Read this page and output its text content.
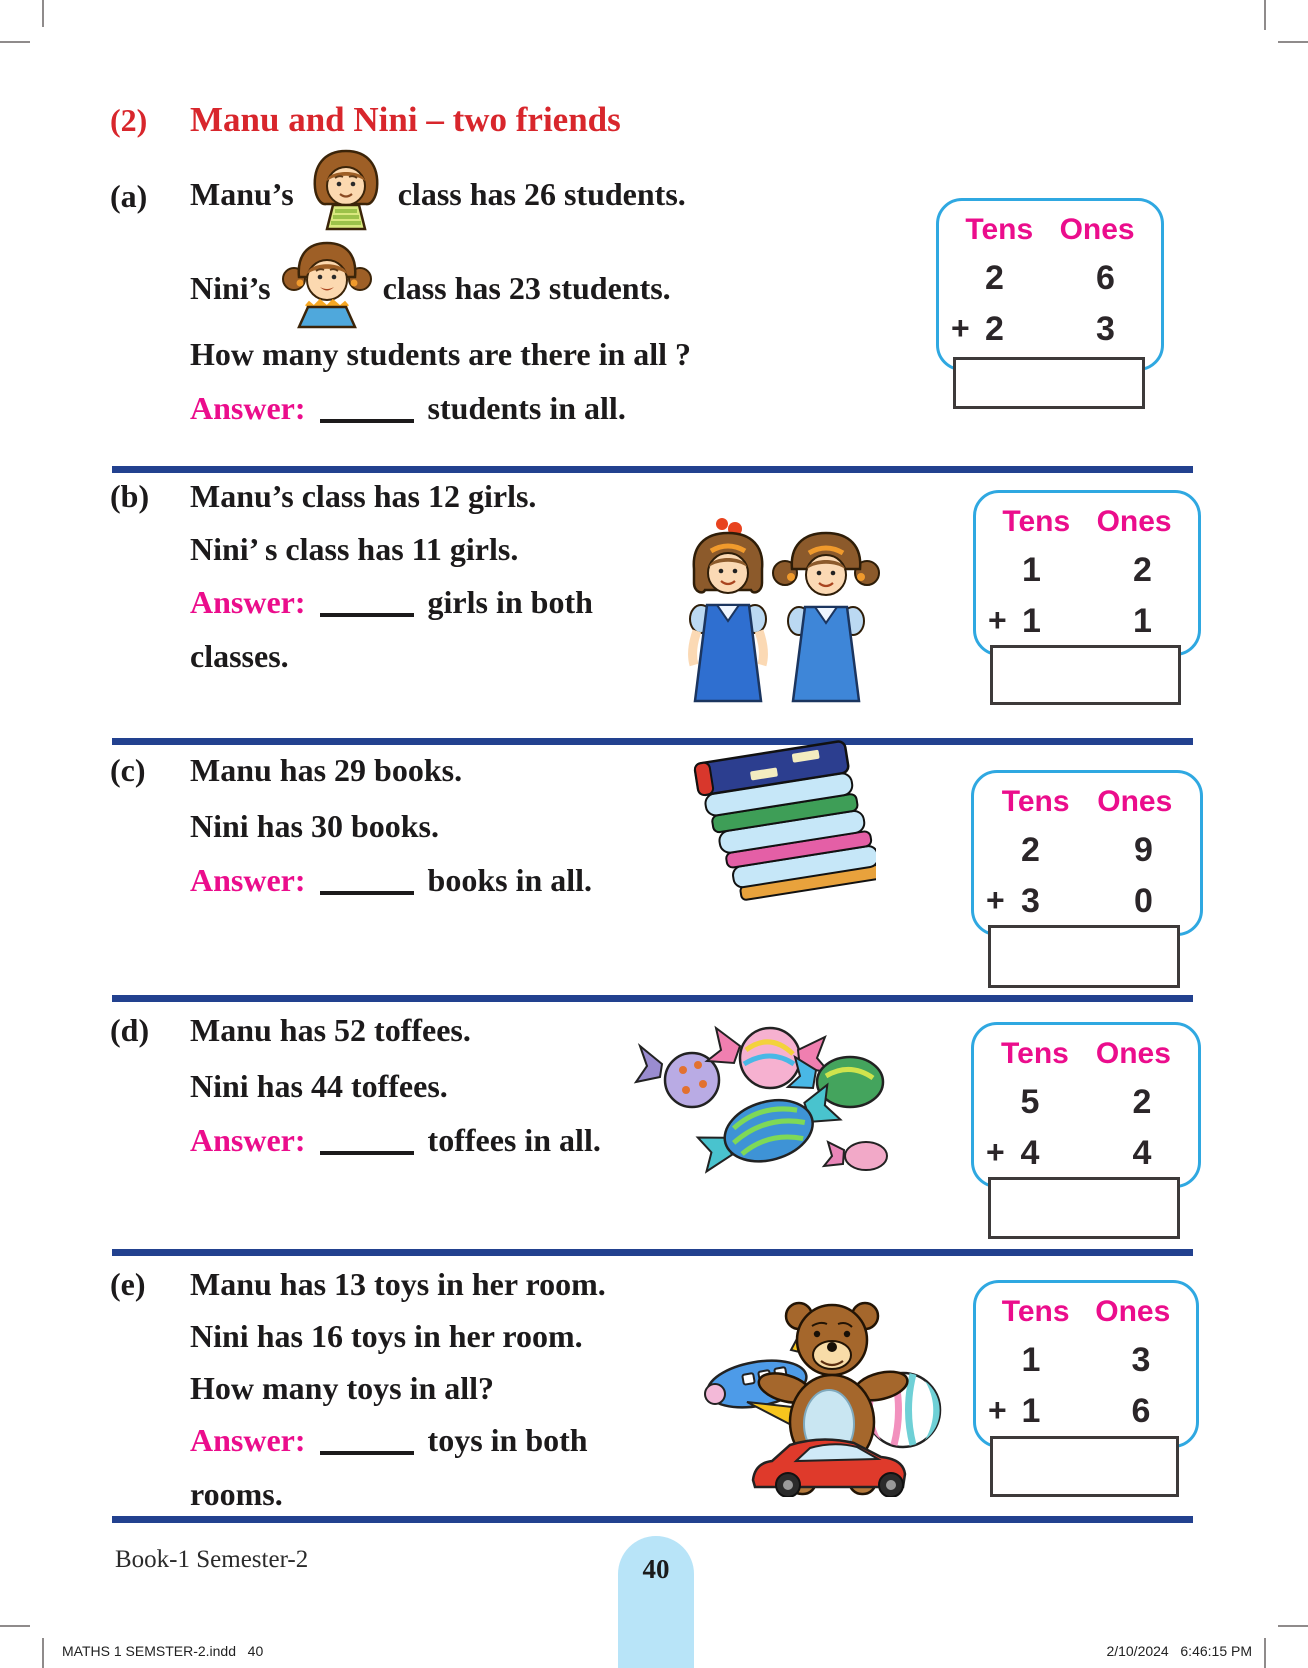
(2) Manu and Nini – two friends
(a) Manu’s	class has 26 students.
Nini’s	class has 23 students.
How many students are there in all ?
Answer:	students in all.
Tens Ones
2	6
+ 2	3
(b) Manu’s class has 12 girls.
Nini’ s class has 11 girls.
Answer:	girls in both
classes.
Tens Ones
1	2
+ 1	1
(c) Manu has 29 books.
Nini has 30 books.
Answer:	books in all.
Tens Ones
2	9
+ 3	0
(d) Manu has 52 toffees.
Nini has 44 toffees.
Answer:	toffees in all.
Tens Ones
5	2
+ 4	4
(e) Manu has 13 toys in her room.
Nini has 16 toys in her room.
How many toys in all?
Answer:	toys in both
rooms.
Tens Ones
1	3
+ 1	6
Book-1 Semester-2	40
MATHS 1 SEMSTER-2.indd   40	2/10/2024   6:46:15 PM
